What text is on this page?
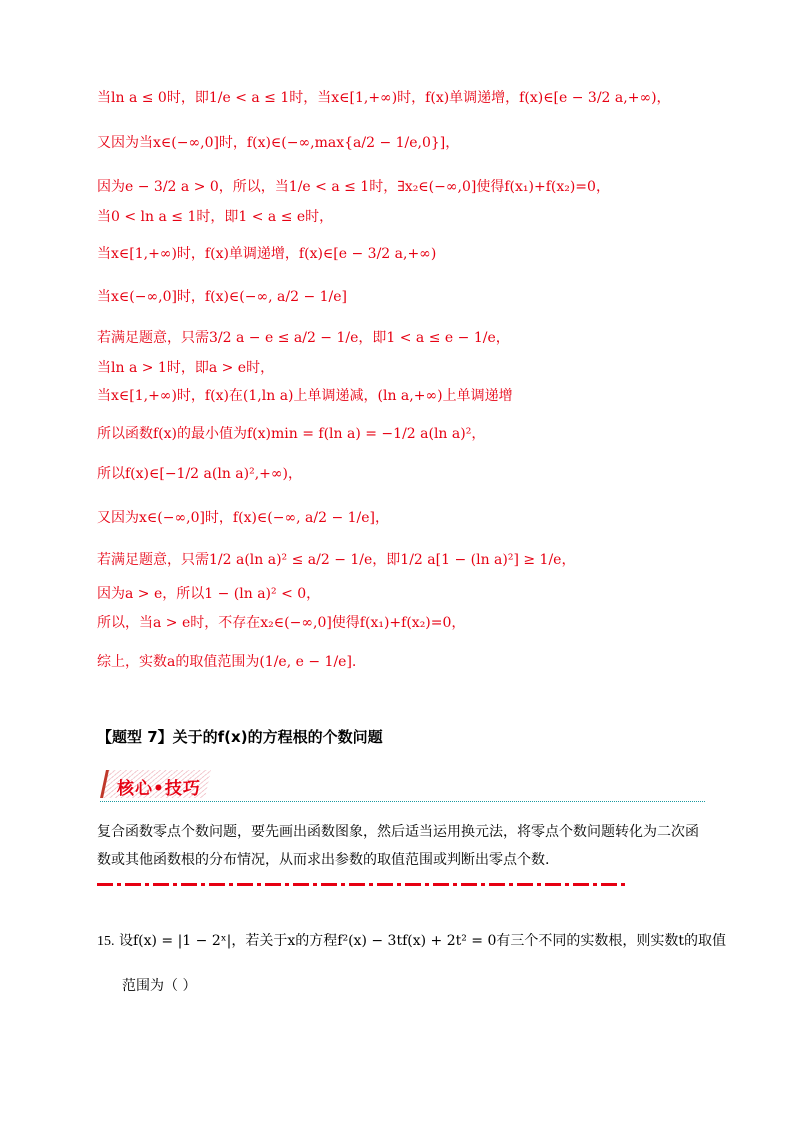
当ln a ≤ 0时，即1/e < a ≤ 1时，当x∈[1,+∞)时，f(x)单调递增，f(x)∈[e − 3/2 a,+∞)，
又因为当x∈(−∞,0]时，f(x)∈(−∞,max{a/2 − 1/e,0}]，
因为e − 3/2 a > 0，所以，当1/e < a ≤ 1时，∃x₂∈(−∞,0]使得f(x₁)+f(x₂)=0，
当0 < ln a ≤ 1时，即1 < a ≤ e时，
当x∈[1,+∞)时，f(x)单调递增，f(x)∈[e − 3/2 a,+∞)
当x∈(−∞,0]时，f(x)∈(−∞, a/2 − 1/e]
若满足题意，只需3/2 a − e ≤ a/2 − 1/e，即1 < a ≤ e − 1/e，
当ln a > 1时，即a > e时，
当x∈[1,+∞)时，f(x)在(1,ln a)上单调递减，(ln a,+∞)上单调递增
所以函数f(x)的最小值为f(x)min = f(ln a) = −1/2 a(ln a)²，
所以f(x)∈[−1/2 a(ln a)²,+∞)，
又因为x∈(−∞,0]时，f(x)∈(−∞, a/2 − 1/e]，
若满足题意，只需1/2 a(ln a)² ≤ a/2 − 1/e，即1/2 a[1 − (ln a)²] ≥ 1/e，
因为a > e，所以1 − (ln a)² < 0，
所以，当a > e时，不存在x₂∈(−∞,0]使得f(x₁)+f(x₂)=0，
综上，实数a的取值范围为(1/e, e − 1/e].
【题型 7】关于的f(x)的方程根的个数问题
核心•技巧
复合函数零点个数问题，要先画出函数图象，然后适当运用换元法，将零点个数问题转化为二次函数或其他函数根的分布情况，从而求出参数的取值范围或判断出零点个数.
15. 设f(x) = |1 − 2ˣ|，若关于x的方程f²(x) − 3tf(x) + 2t² = 0有三个不同的实数根，则实数t的取值
范围为（ ）
